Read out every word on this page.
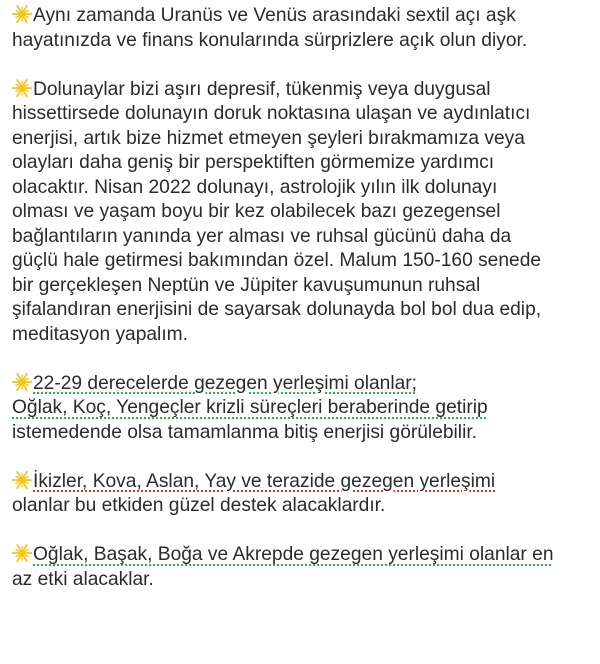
Aynı zamanda Uranüs ve Venüs arasındaki sextil açı aşk
hayatınızda ve finans konularında sürprizlere açık olun diyor.

Dolunaylar bizi aşırı depresif, tükenmiş veya duygusal
hissettirsede dolunayın doruk noktasına ulaşan ve aydınlatıcı
enerjisi, artık bize hizmet etmeyen şeyleri bırakmamıza veya
olayları daha geniş bir perspektiften görmemize yardımcı
olacaktır. Nisan 2022 dolunayı, astrolojik yılın ilk dolunayı
olması ve yaşam boyu bir kez olabilecek bazı gezegensel
bağlantıların yanında yer alması ve ruhsal gücünü daha da
güçlü hale getirmesi bakımından özel. Malum 150-160 senede
bir gerçekleşen Neptün ve Jüpiter kavuşumunun ruhsal
şifalandıran enerjisini de sayarsak dolunayda bol bol dua edip,
meditasyon yapalım.

22-29 derecelerde gezegen yerleşimi olanlar;
Oğlak, Koç, Yengeçler krizli süreçleri beraberinde getirip
istemedende olsa tamamlanma bitiş enerjisi görülebilir.

İkizler, Kova, Aslan, Yay ve terazide gezegen yerleşimi
olanlar bu etkiden güzel destek alacaklardır.

Oğlak, Başak, Boğa ve Akrepde gezegen yerleşimi olanlar en
az etki alacaklar.
